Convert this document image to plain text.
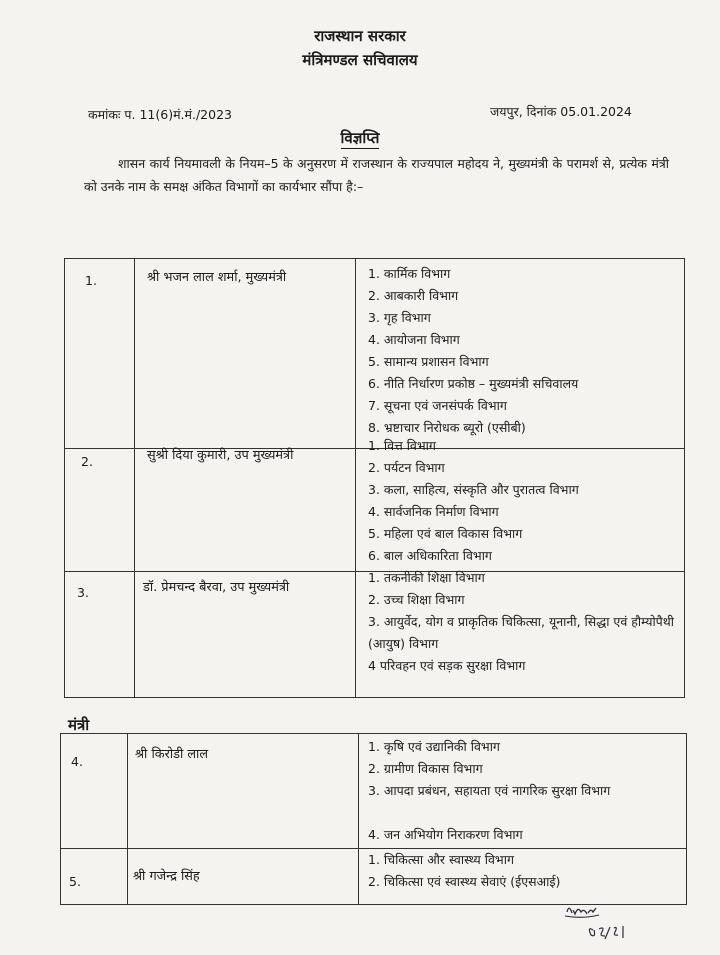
राजस्थान सरकार
मंत्रिमण्डल सचिवालय
कमांकः प. 11(6)मं.मं./2023	जयपुर, दिनांक 05.01.2024
विज्ञप्ति
शासन कार्य नियमावली के नियम–5 के अनुसरण में राजस्थान के राज्यपाल महोदय ने, मुख्यमंत्री के परामर्श से, प्रत्येक मंत्री को उनके नाम के समक्ष अंकित विभागों का कार्यभार सौंपा है:–
1.	श्री भजन लाल शर्मा, मुख्यमंत्री	1. कार्मिक विभाग
2. आबकारी विभाग
3. गृह विभाग
4. आयोजना विभाग
5. सामान्य प्रशासन विभाग
6. नीति निर्धारण प्रकोष्ठ – मुख्यमंत्री सचिवालय
7. सूचना एवं जनसंपर्क विभाग
8. भ्रष्टाचार निरोधक ब्यूरो (एसीबी)
2.	सुश्री दिया कुमारी, उप मुख्यमंत्री
1. वित्त विभाग
2. पर्यटन विभाग
3. कला, साहित्य, संस्कृति और पुरातत्व विभाग
4. सार्वजनिक निर्माण विभाग
5. महिला एवं बाल विकास विभाग
6. बाल अधिकारिता विभाग
3.	डॉ. प्रेमचन्द बैरवा, उप मुख्यमंत्री
1. तकनीकी शिक्षा विभाग
2. उच्च शिक्षा विभाग
3. आयुर्वेद, योग व प्राकृतिक चिकित्सा, यूनानी, सिद्धा एवं हौम्योपैथी (आयुष) विभाग
4 परिवहन एवं सड़क सुरक्षा विभाग
मंत्री
4.	श्री किरोडी लाल
1. कृषि एवं उद्यानिकी विभाग
2. ग्रामीण विकास विभाग
3. आपदा प्रबंधन, सहायता एवं नागरिक सुरक्षा विभाग
4. जन अभियोग निराकरण विभाग
5.	श्री गजेन्द्र सिंह
1. चिकित्सा और स्वास्थ्य विभाग
2. चिकित्सा एवं स्वास्थ्य सेवाएं (ईएसआई)
